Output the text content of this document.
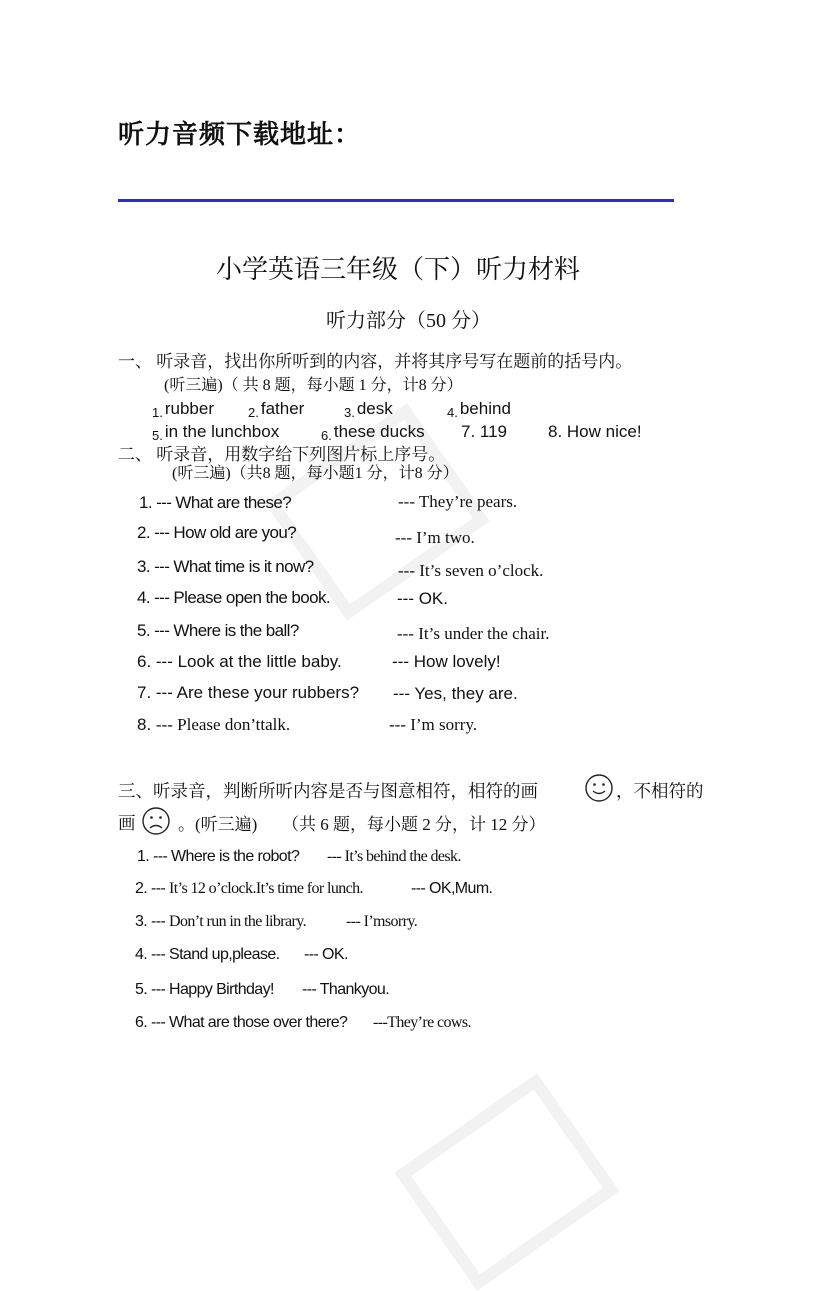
听力音频下载地址：
小学英语三年级（下）听力材料
听力部分（50 分）
一、 听录音，找出你所听到的内容，并将其序号写在题前的括号内。
(听三遍)（ 共 8 题，每小题 1 分，计8 分）
1. rubber	2. father	3. desk	4. behind
5. in the lunchbox	6. these ducks 7. 119 8. How nice!
二、 听录音，用数字给下列图片标上序号。
(听三遍)（共8 题，每小题1 分，计8 分）
1. --- What are these?	--- They’re pears.
2. --- How old are you?	--- I’m two.
3. --- What time is it now?	--- It’s seven o’clock.
4. --- Please open the book.	--- OK.
5. --- Where is the ball?	--- It’s under the chair.
6. --- Look at the little baby.	--- How lovely!
7. --- Are these your rubbers? --- Yes, they are.
8. --- Please don’ttalk.	--- I’m sorry.
三、听录音，判断所听内容是否与图意相符，相符的画	，不相符的
画	。(听三遍) （共 6 题，每小题 2 分，计 12 分）
1. --- Where is the robot? --- It’s behind the desk.
2. --- It’s 12 o’clock.It’s time for lunch.	--- OK,Mum.
3. --- Don’t run in the library. --- I’msorry.
4. --- Stand up,please. --- OK.
5. --- Happy Birthday! --- Thankyou.
6. --- What are those over there? ---They’re cows.
